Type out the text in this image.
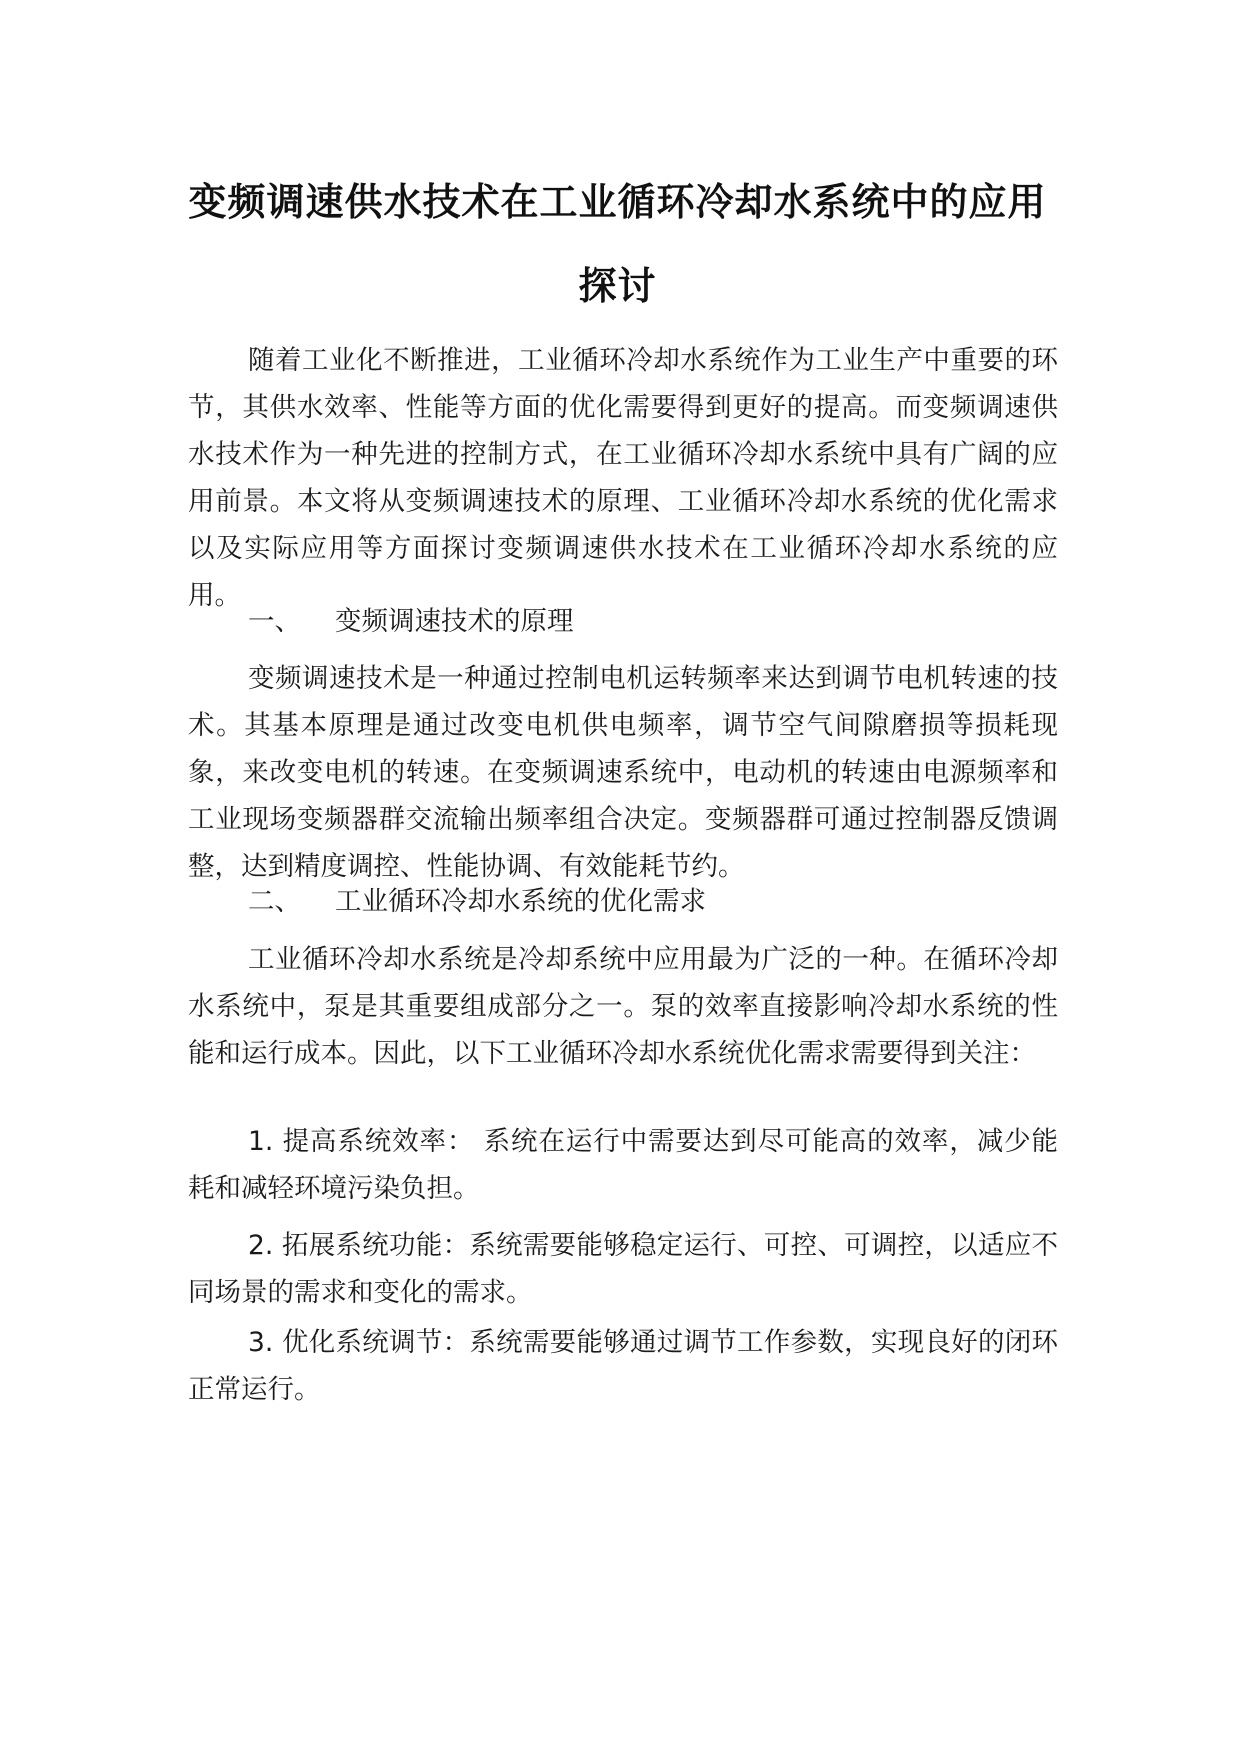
变频调速供水技术在工业循环冷却水系统中的应用
探讨

随着工业化不断推进，工业循环冷却水系统作为工业生产中重要的环节，其供水效率、性能等方面的优化需要得到更好的提高。而变频调速供水技术作为一种先进的控制方式，在工业循环冷却水系统中具有广阔的应用前景。本文将从变频调速技术的原理、工业循环冷却水系统的优化需求以及实际应用等方面探讨变频调速供水技术在工业循环冷却水系统的应用。

一、 变频调速技术的原理

变频调速技术是一种通过控制电机运转频率来达到调节电机转速的技术。其基本原理是通过改变电机供电频率，调节空气间隙磨损等损耗现象，来改变电机的转速。在变频调速系统中，电动机的转速由电源频率和工业现场变频器群交流输出频率组合决定。变频器群可通过控制器反馈调整，达到精度调控、性能协调、有效能耗节约。

二、 工业循环冷却水系统的优化需求

工业循环冷却水系统是冷却系统中应用最为广泛的一种。在循环冷却水系统中，泵是其重要组成部分之一。泵的效率直接影响冷却水系统的性能和运行成本。因此，以下工业循环冷却水系统优化需求需要得到关注：

1. 提高系统效率： 系统在运行中需要达到尽可能高的效率，减少能耗和减轻环境污染负担。

2. 拓展系统功能：系统需要能够稳定运行、可控、可调控，以适应不同场景的需求和变化的需求。

3. 优化系统调节：系统需要能够通过调节工作参数，实现良好的闭环正常运行。
